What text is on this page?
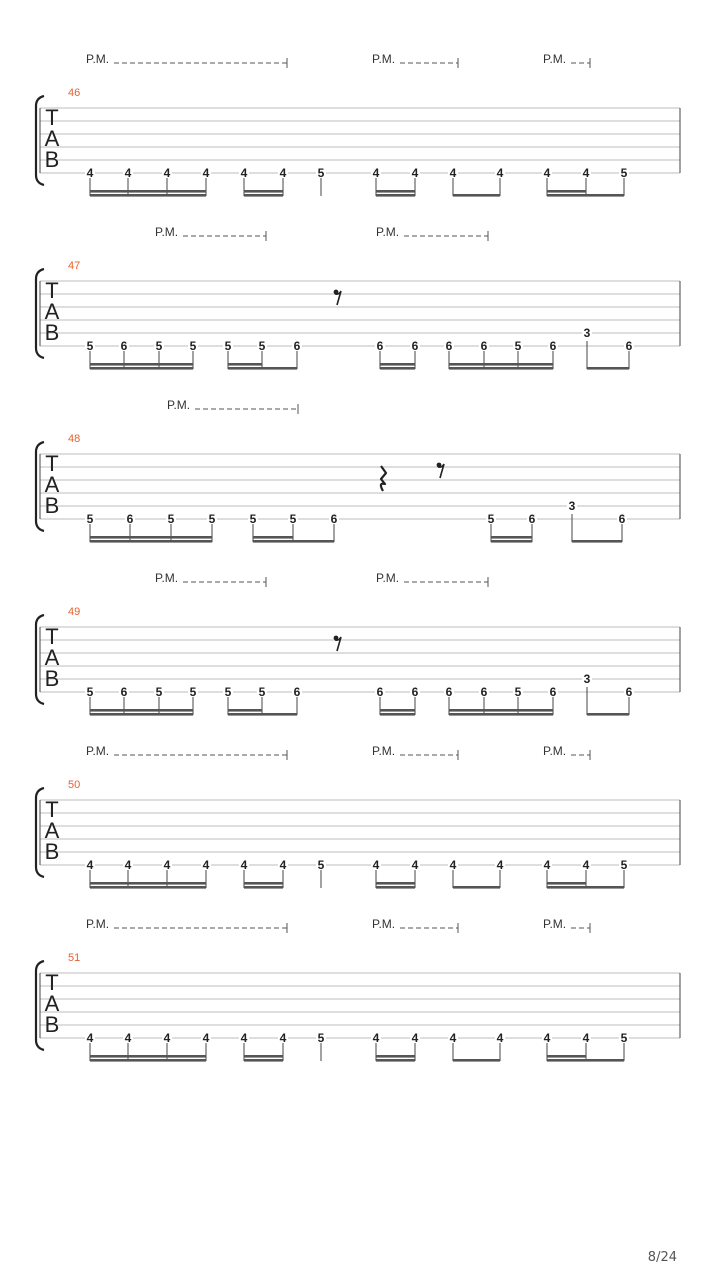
46
T
A
B
P.M.	P.M.	P.M.
4	4	4	4	4	4	5	4	4	4	4	4	4	5
47
T
A
B
P.M.	P.M.
5 6 5 5 5 5 6	6 6 6 6 5 6
3
6
48
T
A
B
P.M.
5	6	5	5	5	5	6	5	6
3
6
49
T
A
B
P.M.	P.M.
5 6 5 5 5 5 6	6 6 6 6 5 6
3
6
50
T
A
B
P.M.	P.M.	P.M.
4	4	4	4	4	4	5	4	4	4	4	4	4	5
51
T
A
B
P.M.	P.M.	P.M.
4	4	4	4	4	4	5	4	4	4	4	4	4	5
8/24
